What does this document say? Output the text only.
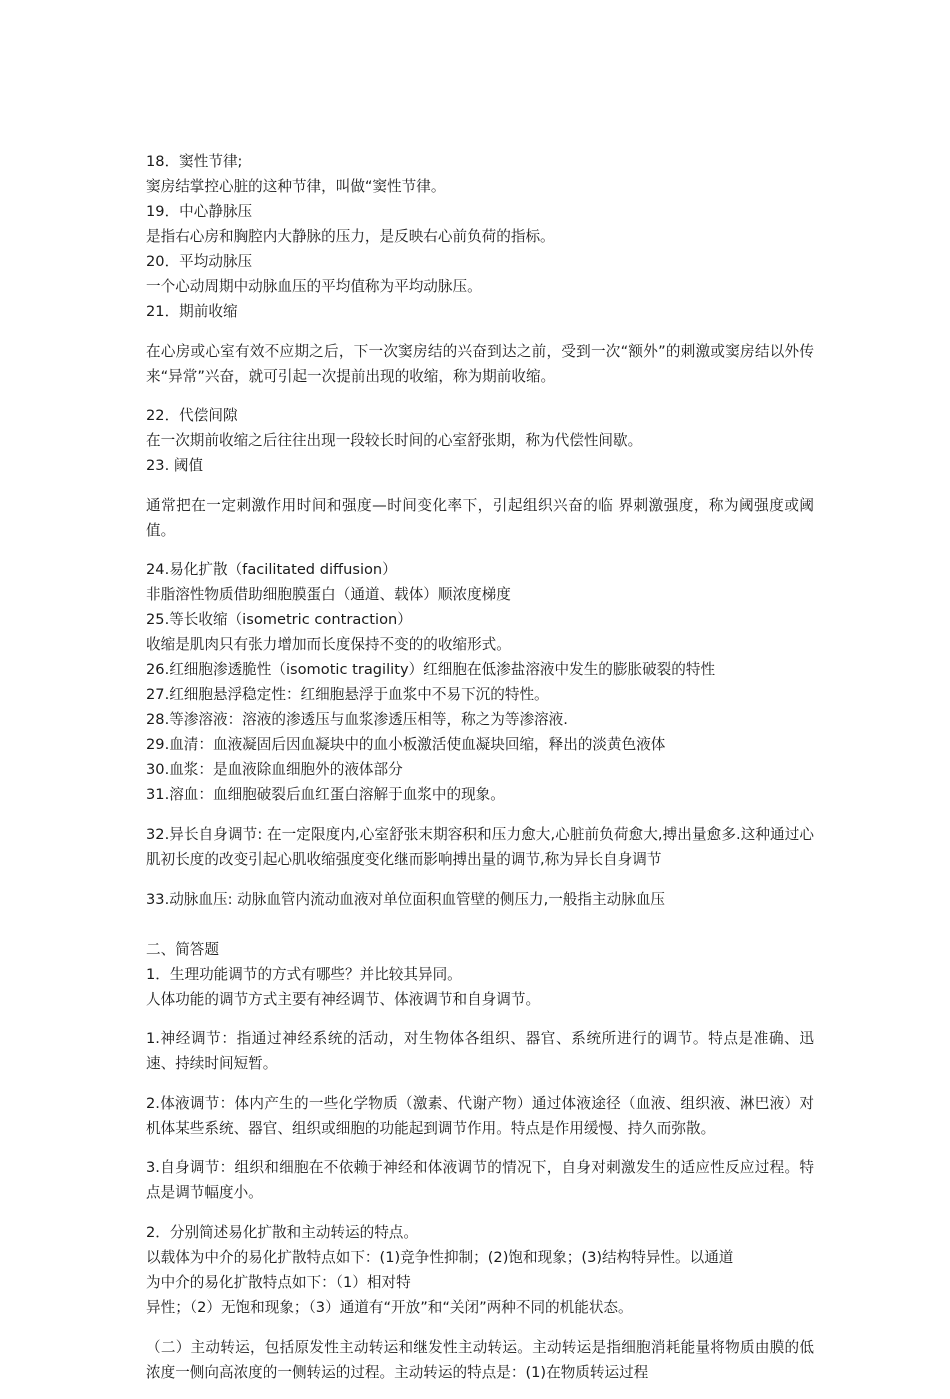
18．窦性节律;

窦房结掌控心脏的这种节律，叫做“窦性节律。

19．中心静脉压

是指右心房和胸腔内大静脉的压力，是反映右心前负荷的指标。

20．平均动脉压

一个心动周期中动脉血压的平均值称为平均动脉压。

21．期前收缩

在心房或心室有效不应期之后，下一次窦房结的兴奋到达之前，受到一次“额外”的刺激或窦房结以外传来“异常”兴奋，就可引起一次提前出现的收缩，称为期前收缩。

22．代偿间隙

在一次期前收缩之后往往出现一段较长时间的心室舒张期，称为代偿性间歇。

23. 阈值

通常把在一定刺激作用时间和强度—时间变化率下，引起组织兴奋的临 界刺激强度，称为阈强度或阈值。

24.易化扩散（facilitated diffusion）

非脂溶性物质借助细胞膜蛋白（通道、载体）顺浓度梯度

25.等长收缩（isometric contraction）

收缩是肌肉只有张力增加而长度保持不变的的收缩形式。

26.红细胞渗透脆性（isomotic tragility）红细胞在低渗盐溶液中发生的膨胀破裂的特性

27.红细胞悬浮稳定性：红细胞悬浮于血浆中不易下沉的特性。

28.等渗溶液：溶液的渗透压与血浆渗透压相等，称之为等渗溶液.

29.血清：血液凝固后因血凝块中的血小板激活使血凝块回缩，释出的淡黄色液体

30.血浆：是血液除血细胞外的液体部分

31.溶血：血细胞破裂后血红蛋白溶解于血浆中的现象。

32.异长自身调节: 在一定限度内,心室舒张末期容积和压力愈大,心脏前负荷愈大,搏出量愈多.这种通过心肌初长度的改变引起心肌收缩强度变化继而影响搏出量的调节,称为异长自身调节

33.动脉血压: 动脉血管内流动血液对单位面积血管壁的侧压力,一般指主动脉血压

二、简答题

1．生理功能调节的方式有哪些？并比较其异同。

人体功能的调节方式主要有神经调节、体液调节和自身调节。

1.神经调节：指通过神经系统的活动，对生物体各组织、器官、系统所进行的调节。特点是准确、迅速、持续时间短暂。

2.体液调节：体内产生的一些化学物质（激素、代谢产物）通过体液途径（血液、组织液、淋巴液）对机体某些系统、器官、组织或细胞的功能起到调节作用。特点是作用缓慢、持久而弥散。

3.自身调节：组织和细胞在不依赖于神经和体液调节的情况下，自身对刺激发生的适应性反应过程。特点是调节幅度小。

2．分别简述易化扩散和主动转运的特点。

以载体为中介的易化扩散特点如下：(1)竞争性抑制；(2)饱和现象；(3)结构特异性。以通道

为中介的易化扩散特点如下：（1）相对特

异性；（2）无饱和现象；（3）通道有“开放”和“关闭”两种不同的机能状态。

（二）主动转运，包括原发性主动转运和继发性主动转运。主动转运是指细胞消耗能量将物质由膜的低浓度一侧向高浓度的一侧转运的过程。主动转运的特点是：(1)在物质转运过程
